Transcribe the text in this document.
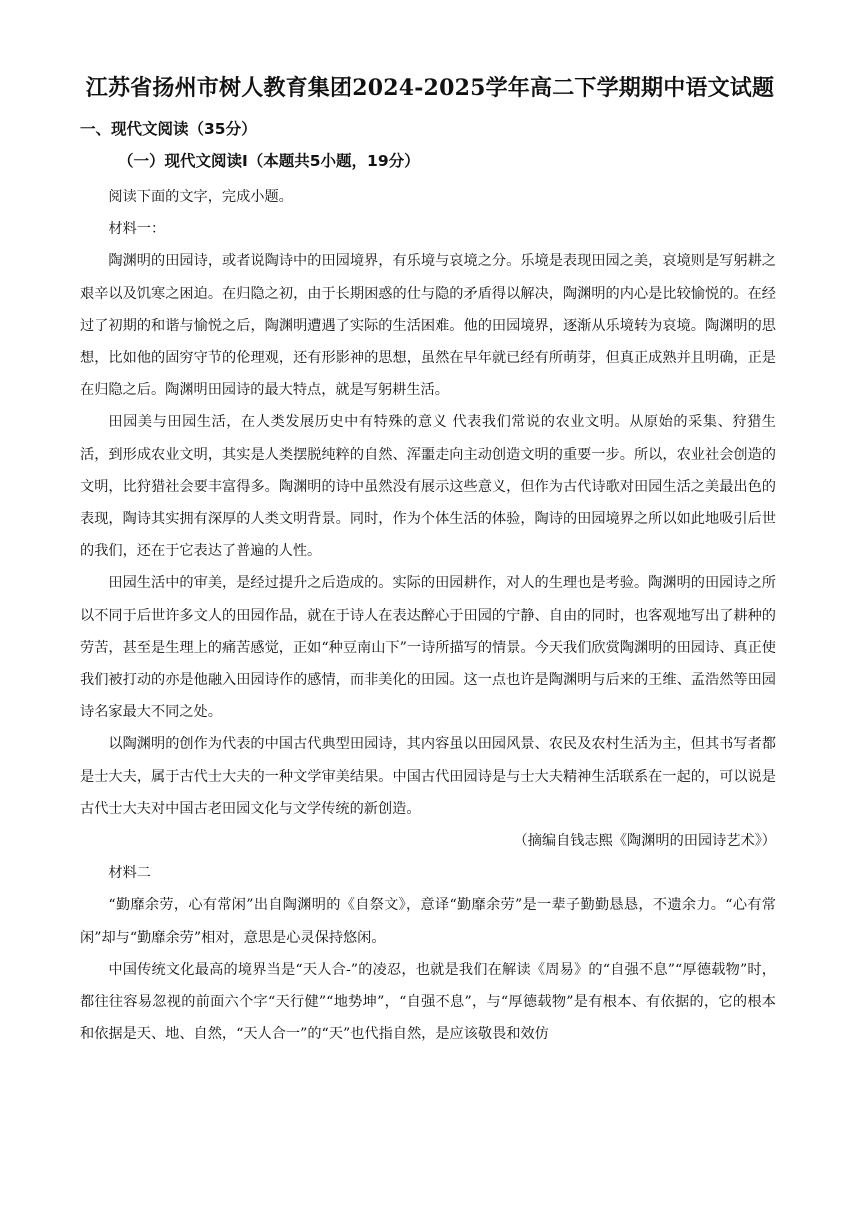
江苏省扬州市树人教育集团2024-2025学年高二下学期期中语文试题
一、现代文阅读（35分）
（一）现代文阅读Ⅰ（本题共5小题，19分）

阅读下面的文字，完成小题。

材料一：

陶渊明的田园诗，或者说陶诗中的田园境界，有乐境与哀境之分。乐境是表现田园之美，哀境则是写躬耕之艰辛以及饥寒之困迫。在归隐之初，由于长期困惑的仕与隐的矛盾得以解决，陶渊明的内心是比较愉悦的。在经过了初期的和谐与愉悦之后，陶渊明遭遇了实际的生活困难。他的田园境界，逐渐从乐境转为哀境。陶渊明的思想，比如他的固穷守节的伦理观，还有形影神的思想，虽然在早年就已经有所萌芽，但真正成熟并且明确，正是在归隐之后。陶渊明田园诗的最大特点，就是写躬耕生活。

田园美与田园生活，在人类发展历史中有特殊的意义 代表我们常说的农业文明。从原始的采集、狩猎生活，到形成农业文明，其实是人类摆脱纯粹的自然、浑噩走向主动创造文明的重要一步。所以，农业社会创造的文明，比狩猎社会要丰富得多。陶渊明的诗中虽然没有展示这些意义，但作为古代诗歌对田园生活之美最出色的表现，陶诗其实拥有深厚的人类文明背景。同时，作为个体生活的体验，陶诗的田园境界之所以如此地吸引后世的我们，还在于它表达了普遍的人性。

田园生活中的审美，是经过提升之后造成的。实际的田园耕作，对人的生理也是考验。陶渊明的田园诗之所以不同于后世许多文人的田园作品，就在于诗人在表达醉心于田园的宁静、自由的同时，也客观地写出了耕种的劳苦，甚至是生理上的痛苦感觉，正如“种豆南山下”一诗所描写的情景。今天我们欣赏陶渊明的田园诗、真正使我们被打动的亦是他融入田园诗作的感情，而非美化的田园。这一点也许是陶渊明与后来的王维、孟浩然等田园诗名家最大不同之处。

以陶渊明的创作为代表的中国古代典型田园诗，其内容虽以田园风景、农民及农村生活为主，但其书写者都是士大夫，属于古代士大夫的一种文学审美结果。中国古代田园诗是与士大夫精神生活联系在一起的，可以说是古代士大夫对中国古老田园文化与文学传统的新创造。

（摘编自钱志熙《陶渊明的田园诗艺术》）

材料二

“勤靡余劳，心有常闲”出自陶渊明的《自祭文》，意译“勤靡余劳”是一辈子勤勤恳恳，不遗余力。“心有常闲”却与“勤靡余劳”相对，意思是心灵保持悠闲。

中国传统文化最高的境界当是“天人合-”的凌忍，也就是我们在解读《周易》的“自强不息”“厚德载物”时，都往往容易忽视的前面六个字“天行健”“地势坤”，“自强不息”，与“厚德载物”是有根本、有依据的，它的根本和依据是天、地、自然，“天人合一”的“天”也代指自然，是应该敬畏和效仿
